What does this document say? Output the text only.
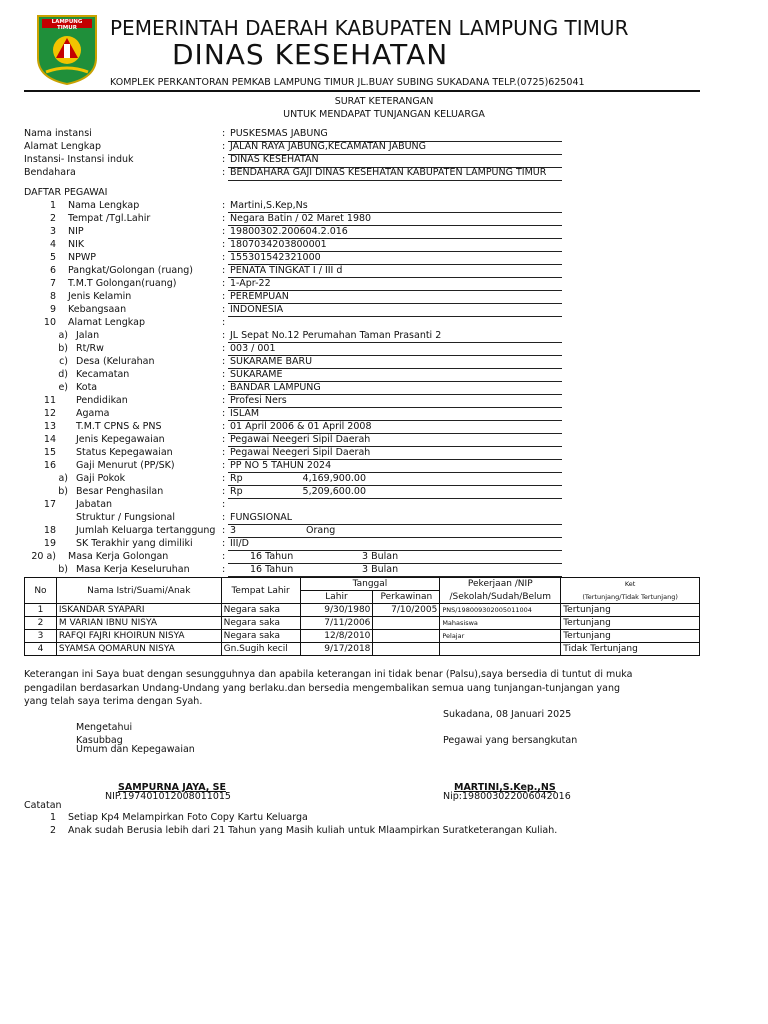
LAMPUNG TIMUR	PEMERINTAH DAERAH KABUPATEN LAMPUNG TIMUR
DINAS KESEHATAN
KOMPLEK PERKANTORAN PEMKAB LAMPUNG TIMUR JL.BUAY SUBING SUKADANA TELP.(0725)625041
SURAT KETERANGAN
UNTUK MENDAPAT TUNJANGAN KELUARGA
Nama instansi	: PUSKESMAS JABUNG
Alamat Lengkap	: JALAN RAYA JABUNG,KECAMATAN JABUNG
Instansi- Instansi induk	: DINAS KESEHATAN
Bendahara	: BENDAHARA GAJI DINAS KESEHATAN KABUPATEN LAMPUNG TIMUR
DAFTAR PEGAWAI
1 Nama Lengkap	: Martini,S.Kep,Ns
2 Tempat /Tgl.Lahir	: Negara Batin / 02 Maret 1980
3 NIP	: 19800302.200604.2.016
4 NIK	: 1807034203800001
5 NPWP	: 155301542321000
6 Pangkat/Golongan (ruang)	: PENATA TINGKAT I / III d
7 T.M.T Golongan(ruang)	: 1-Apr-22
8 Jenis Kelamin	: PEREMPUAN
9 Kebangsaan	: INDONESIA
10 Alamat Lengkap	:
a) Jalan	: JL Sepat No.12 Perumahan Taman Prasanti 2
b) Rt/Rw	: 003 / 001
c) Desa (Kelurahan	: SUKARAME BARU
d) Kecamatan	: SUKARAME
e) Kota	: BANDAR LAMPUNG
11 Pendidikan	: Profesi Ners
12 Agama	: ISLAM
13 T.M.T CPNS & PNS	: 01 April 2006 & 01 April 2008
14 Jenis Kepegawaian	: Pegawai Neegeri Sipil Daerah
15 Status Kepegawaian	: Pegawai Neegeri Sipil Daerah
16 Gaji Menurut (PP/SK)	: PP NO 5 TAHUN 2024
a) Gaji Pokok	: Rp	4,169,900.00
b) Besar Penghasilan	: Rp	5,209,600.00
17 Jabatan	:
Struktur / Fungsional	: FUNGSIONAL
18 Jumlah Keluarga tertanggung : 3	Orang
19 SK Terakhir yang dimiliki	: III/D
20 a) Masa Kerja Golongan	:	16 Tahun	3 Bulan
b) Masa Kerja Keseluruhan	:	16 Tahun	3 Bulan
No	Nama Istri/Suami/Anak	Tempat Lahir	Tanggal		Pekerjaan /NIP	Ket
			Lahir	Perkawinan	/Sekolah/Sudah/Belum	(Tertunjang/Tidak Tertunjang)
1	ISKANDAR SYAPARI	Negara saka	9/30/1980	7/10/2005	PNS/198009302005011004	Tertunjang
2	M VARIAN IBNU NISYA	Negara saka	7/11/2006		Mahasiswa	Tertunjang
3	RAFQI FAJRI KHOIRUN NISYA	Negara saka	12/8/2010		Pelajar	Tertunjang
4	SYAMSA QOMARUN NISYA	Gn.Sugih kecil	9/17/2018			Tidak Tertunjang
Keterangan ini Saya buat dengan sesungguhnya dan apabila keterangan ini tidak benar (Palsu),saya bersedia di tuntut di muka
pengadilan berdasarkan Undang-Undang yang berlaku.dan bersedia mengembalikan semua uang tunjangan-tunjangan yang
yang telah saya terima dengan Syah.
Sukadana, 08 Januari 2025
Mengetahui
Kasubbag
Umum dan Kepegawaian
Pegawai yang bersangkutan
SAMPURNA JAYA, SE
NIP.197401012008011015
MARTINI,S.Kep.,NS
Nip:198003022006042016
Catatan
1 Setiap Kp4 Melampirkan Foto Copy Kartu Keluarga
2 Anak sudah Berusia lebih dari 21 Tahun yang Masih kuliah untuk Mlaampirkan Suratketerangan Kuliah.
